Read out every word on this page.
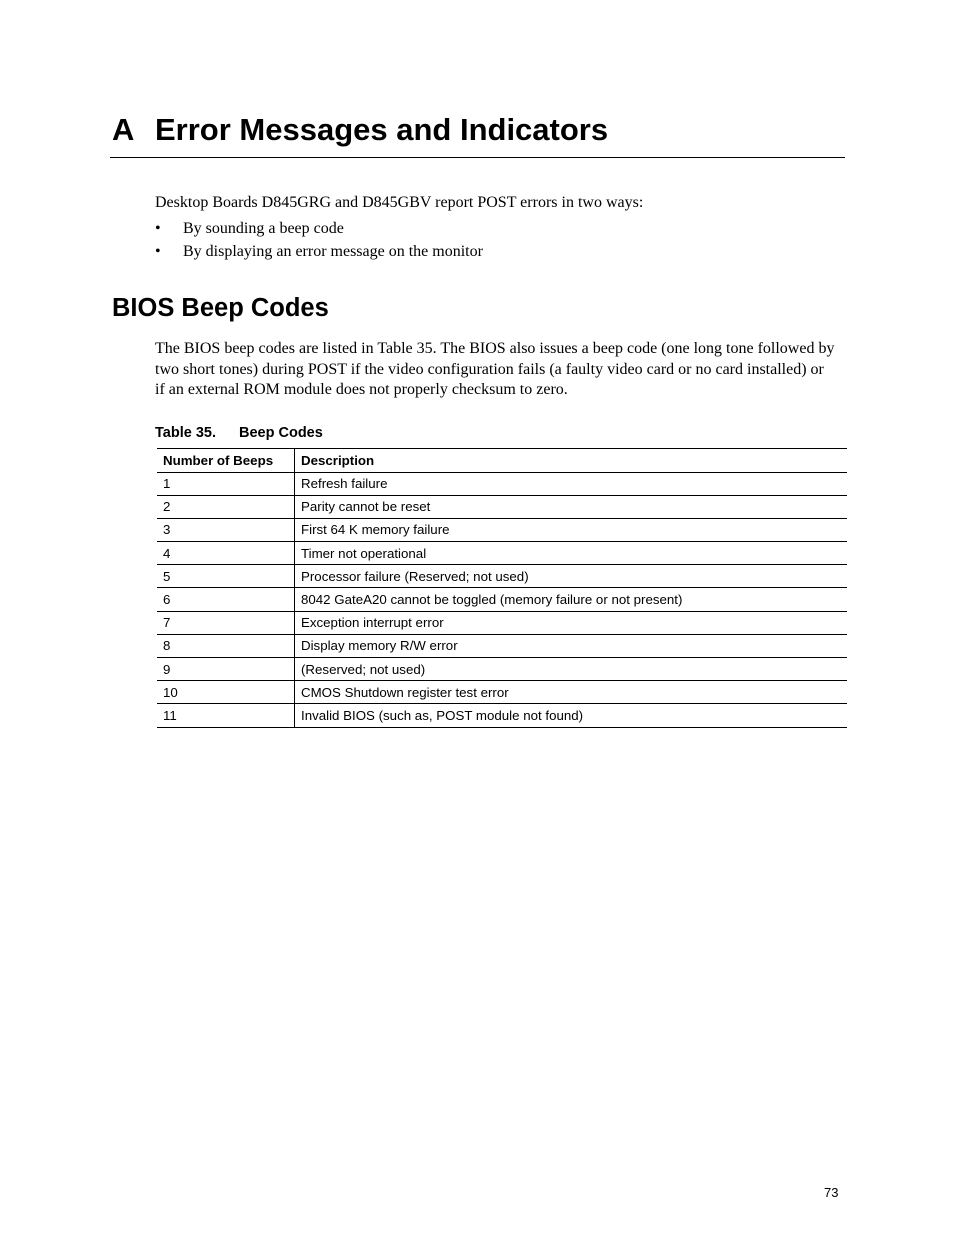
A Error Messages and Indicators

Desktop Boards D845GRG and D845GBV report POST errors in two ways:

• By sounding a beep code
• By displaying an error message on the monitor
BIOS Beep Codes

The BIOS beep codes are listed in Table 35. The BIOS also issues a beep code (one long tone followed by two short tones) during POST if the video configuration fails (a faulty video card or no card installed) or if an external ROM module does not properly checksum to zero.

Table 35. Beep Codes

Number of Beeps	Description
1	Refresh failure
2	Parity cannot be reset
3	First 64 K memory failure
4	Timer not operational
5	Processor failure (Reserved; not used)
6	8042 GateA20 cannot be toggled (memory failure or not present)
7	Exception interrupt error
8	Display memory R/W error
9	(Reserved; not used)
10	CMOS Shutdown register test error
11	Invalid BIOS (such as, POST module not found)
73
